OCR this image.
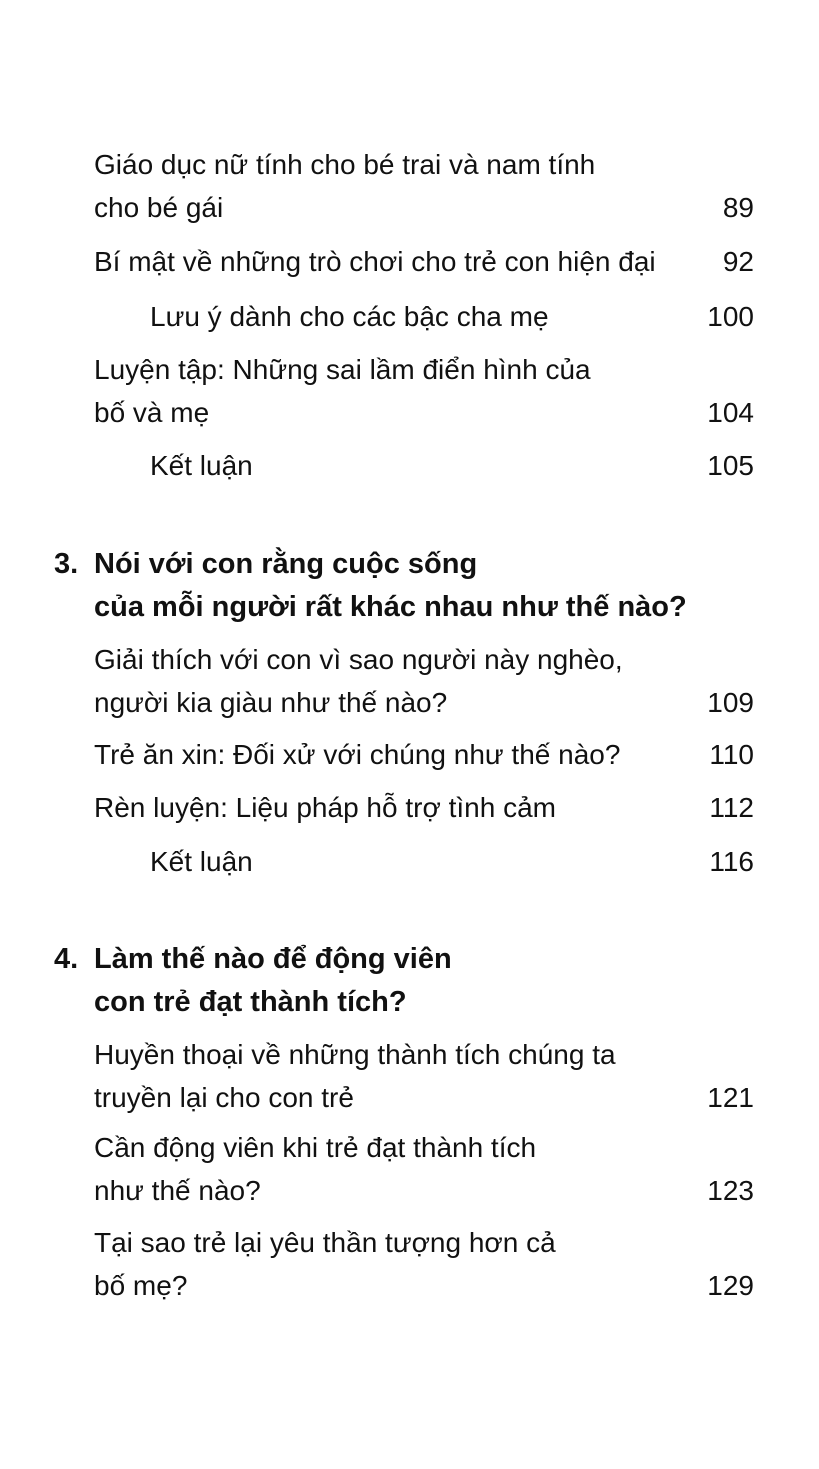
Giáo dục nữ tính cho bé trai và nam tính
cho bé gái	89
Bí mật về những trò chơi cho trẻ con hiện đại	92
Lưu ý dành cho các bậc cha mẹ	100
Luyện tập: Những sai lầm điển hình của
bố và mẹ	104
Kết luận	105
3. Nói với con rằng cuộc sống
của mỗi người rất khác nhau như thế nào?
Giải thích với con vì sao người này nghèo,
người kia giàu như thế nào?	109
Trẻ ăn xin: Đối xử với chúng như thế nào?	110
Rèn luyện: Liệu pháp hỗ trợ tình cảm	112
Kết luận	116
4. Làm thế nào để động viên
con trẻ đạt thành tích?
Huyền thoại về những thành tích chúng ta
truyền lại cho con trẻ	121
Cần động viên khi trẻ đạt thành tích
như thế nào?	123
Tại sao trẻ lại yêu thần tượng hơn cả
bố mẹ?	129
